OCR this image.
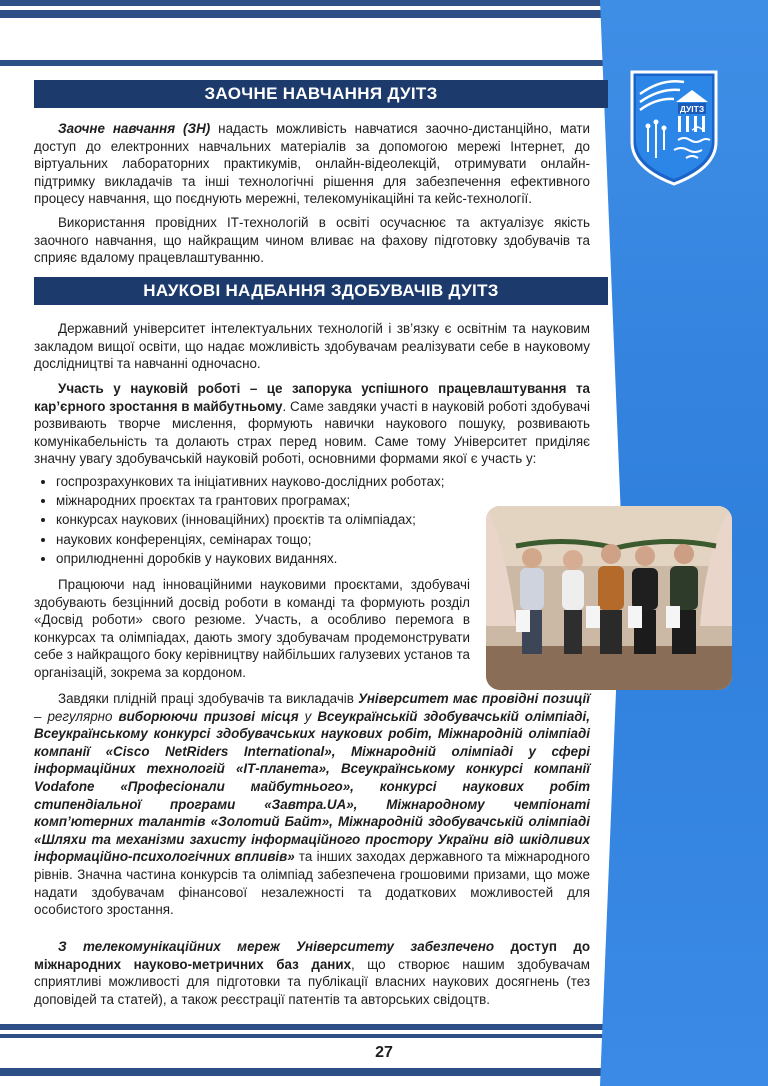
ДУІТЗ
ЗАОЧНЕ НАВЧАННЯ ДУІТЗ

Заочне навчання (ЗН) надасть можливість навчатися заочно-дистанційно, мати доступ до електронних навчальних матеріалів за допомогою мережі Інтернет, до віртуальних лабораторних практикумів, онлайн-відеолекцій, отримувати онлайн-підтримку викладачів та інші технологічні рішення для забезпечення ефективного процесу навчання, що поєднують мережні, телекомунікаційні та кейс-технології.

Використання провідних ІТ-технологій в освіті осучаснює та актуалізує якість заочного навчання, що найкращим чином вливає на фахову підготовку здобувачів та сприяє вдалому працевлаштуванню.

НАУКОВІ НАДБАННЯ ЗДОБУВАЧІВ ДУІТЗ

Державний університет інтелектуальних технологій і зв’язку є освітнім та науковим закладом вищої освіти, що надає можливість здобувачам реалізувати себе в науковому дослідництві та навчанні одночасно.

Участь у науковій роботі – це запорука успішного працевлаштування та кар’єрного зростання в майбутньому. Саме завдяки участі в науковій роботі здобувачі розвивають творче мислення, формують навички наукового пошуку, розвивають комунікабельність та долають страх перед новим. Саме тому Університет приділяє значну увагу здобувачській науковій роботі, основними формами якої є участь у:

• госпрозрахункових та ініціативних науково-дослідних роботах;
• міжнародних проєктах та грантових програмах;
• конкурсах наукових (інноваційних) проєктів та олімпіадах;
• наукових конференціях, семінарах тощо;
• оприлюдненні доробків у наукових виданнях.

Працюючи над інноваційними науковими проєктами, здобувачі здобувають безцінний досвід роботи в команді та формують розділ «Досвід роботи» свого резюме. Участь, а особливо перемога в конкурсах та олімпіадах, дають змогу здобувачам продемонструвати себе з найкращого боку керівництву найбільших галузевих установ та організацій, зокрема за кордоном.

Завдяки плідній праці здобувачів та викладачів Університет має провідні позиції – регулярно виборюючи призові місця у Всеукраїнській здобувачській олімпіаді, Всеукраїнському конкурсі здобувачських наукових робіт, Міжнародній олімпіаді компанії «Cisco NetRiders International», Міжнародній олімпіаді у сфері інформаційних технологій «ІТ-планета», Всеукраїнському конкурсі компанії Vodafone «Професіонали майбутнього», конкурсі наукових робіт стипендіальної програми «Завтра.UA», Міжнародному чемпіонаті комп’ютерних талантів «Золотий Байт», Міжнародній здобувачській олімпіаді «Шляхи та механізми захисту інформаційного простору України від шкідливих інформаційно-психологічних впливів» та інших заходах державного та міжнародного рівнів. Значна частина конкурсів та олімпіад забезпечена грошовими призами, що може надати здобувачам фінансової незалежності та додаткових можливостей для особистого зростання.

З телекомунікаційних мереж Університету забезпечено доступ до міжнародних науково-метричних баз даних, що створює нашим здобувачам сприятливі можливості для підготовки та публікації власних наукових досягнень (тез доповідей та статей), а також реєстрації патентів та авторських свідоцтв.

27
